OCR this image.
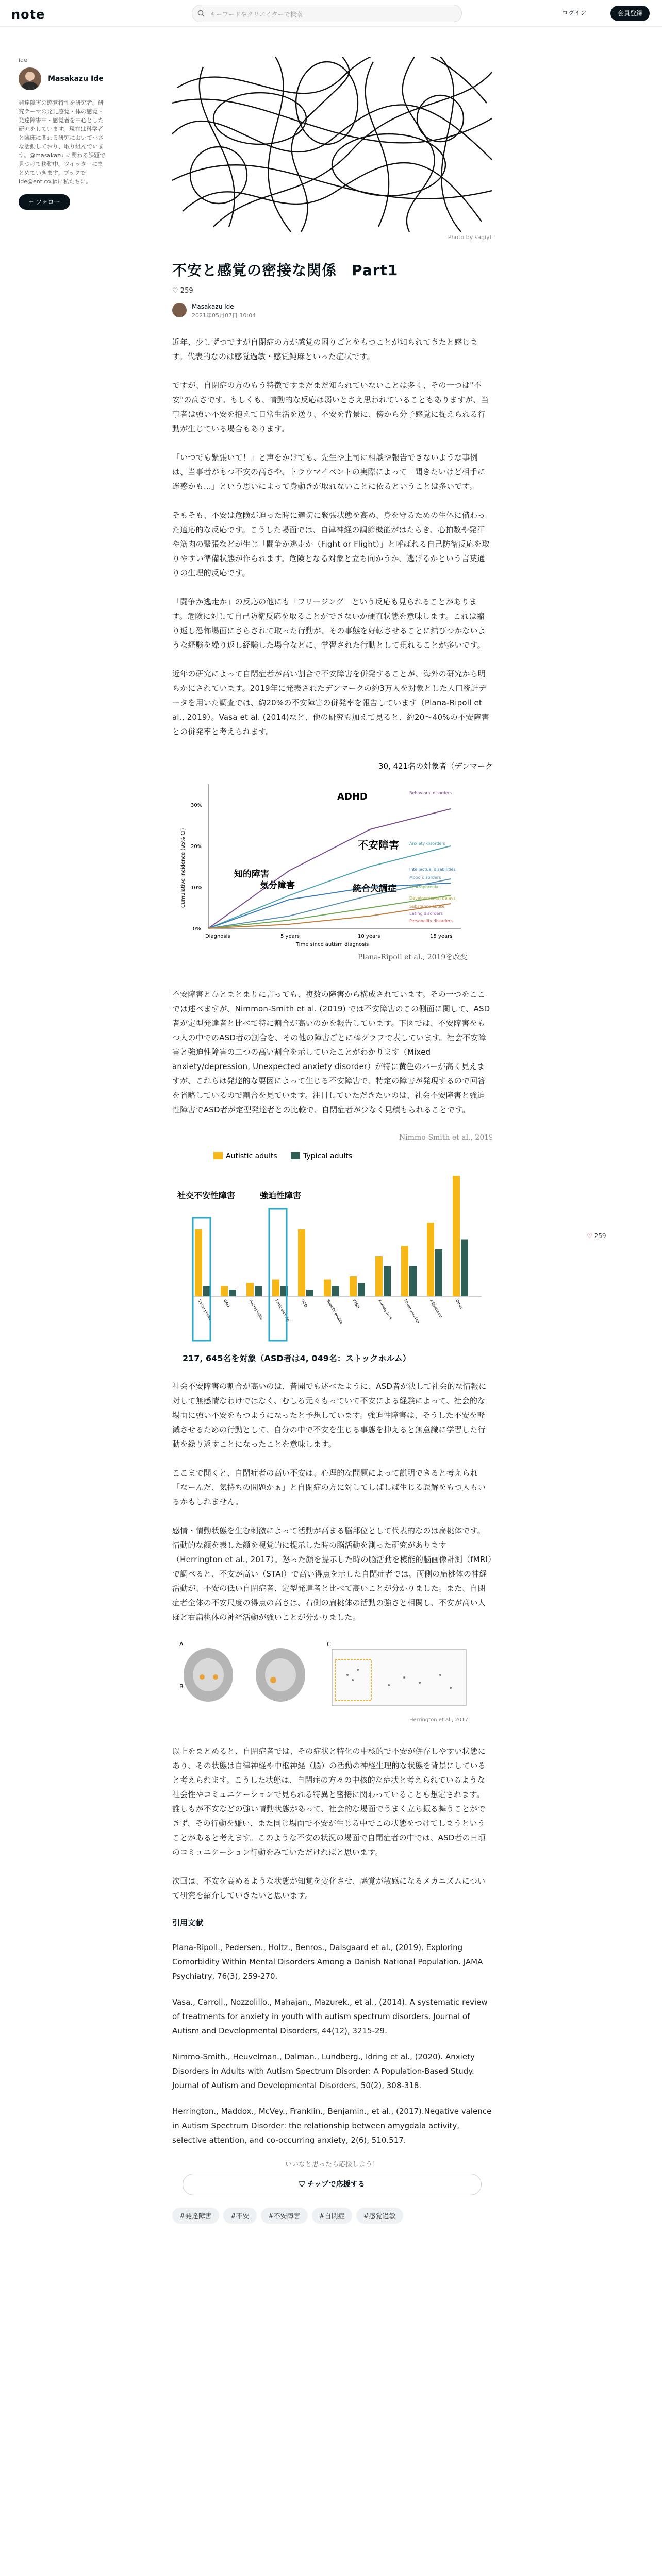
note	キーワードやクリエイターで検索	ログイン	会員登録
ide
Masakazu Ide
発達障害の感覚特性を研究者。研究テーマの発見感覚・体の感覚・発達障害中・感覚者を中心とした研究をしています。現在は科学者と臨床に関わる研究において小さな活動しており、取り組んでいます。@masakazu に関わる課題で見つけて移動中。ツイッターにまとめていきます。ブックでIde@ent.co.jpに私たちに。
+ フォロー
♡ 259
Photo by sagiyt
不安と感覚の密接な関係　Part1
♡ 259
Masakazu Ide
2021年05月07日 10:04

近年、少しずつですが自閉症の方が感覚の困りごとをもつことが知られてきたと感じます。代表的なのは感覚過敏・感覚鈍麻といった症状です。

ですが、自閉症の方のもう特徴ですまだまだ知られていないことは多く、その一つは"不安"の高さです。もしくも、情動的な反応は弱いとさえ思われていることもありますが、当事者は強い不安を抱えて日常生活を送り、不安を背景に、傍から分子感覚に捉えられる行動が生じている場合もあります。

「いつでも緊張いて！」と声をかけても、先生や上司に相談や報告できないような事例は、当事者がもつ不安の高さや、トラウマイベントの実際によって「聞きたいけど相手に迷惑かも…」という思いによって身動きが取れないことに依るということは多いです。

そもそも、不安は危険が迫った時に適切に緊張状態を高め、身を守るための生体に備わった適応的な反応です。こうした場面では、自律神経の調節機能がはたらき、心拍数や発汗や筋肉の緊張などが生じ「闘争か逃走か（Fight or Flight）」と呼ばれる自己防衛反応を取りやすい準備状態が作られます。危険となる対象と立ち向かうか、逃げるかという言葉通りの生理的反応です。

「闘争か逃走か」の反応の他にも「フリージング」という反応も見られることがあります。危険に対して自己防衛反応を取ることができないか硬直状態を意味します。これは縮り返し恐怖場面にさらされて取った行動が、その事態を好転させることに結びつかないような経験を繰り返し経験した場合などに、学習された行動として現れることが多いです。

近年の研究によって自閉症者が高い割合で不安障害を併発することが、海外の研究から明らかにされています。2019年に発表されたデンマークの約3万人を対象とした人口統計データを用いた調査では、約20%の不安障害の併発率を報告しています（Plana-Ripoll et al., 2019）。Vasa et al. (2014)など、他の研究も加えて見ると、約20〜40%の不安障害との併発率と考えられます。

30, 421名の対象者（デンマーク）
0%
10%
20%
30%
Diagnosis	5 years	10 years	15 years
Time since autism diagnosis
Cumulative incidence (95% CI)
ADHD
不安障害
知的障害
気分障害	統合失調症
Behavioral disorders
Anxiety disorders
Intellectual disabilities
Mood disorders
Schizophrenia
Developmental delays
Substance abuse
Eating disorders
Personality disorders
Plana-Ripoll et al., 2019を改変

不安障害とひとまとまりに言っても、複数の障害から構成されています。その一つをここでは述べますが、Nimmon-Smith et al. (2019) では不安障害のこの側面に関して、ASD者が定型発達者と比べて特に割合が高いのかを報告しています。下図では、不安障害をもつ人の中でのASD者の割合を、その他の障害ごとに棒グラフで表しています。社会不安障害と強迫性障害の二つの高い割合を示していたことがわかります（Mixed anxiety/depression, Unexpected anxiety disorder）が特に黄色のバーが高く見えますが、これらは発達的な要因によって生じる不安障害で、特定の障害が発現するので回答を省略しているので割合を見ています。注目していただきたいのは、社会不安障害と強迫性障害でASD者が定型発達者との比較で、自閉症者が少なく見積もられることです。

Nimmo-Smith et al., 2019
Autistic adults	Typical adults
社交不安性障害	強迫性障害
Social phobia	GAD	Agoraphobia	Panic disorder	OCD	Specific phobia PTSD	Anxiety NOS	Mixed anx/dep Adjustment	Other
217, 645名を対象（ASD者は4, 049名：ストックホルム）

社会不安障害の割合が高いのは、昔聞でも述べたように、ASD者が決して社会的な情報に対して無感情なわけではなく、むしろ元々もっていて不安による経験によって、社会的な場面に強い不安をもつようになったと予想しています。強迫性障害は、そうした不安を軽減させるための行動として、自分の中で不安を生じる事態を抑えると無意識に学習した行動を繰り返すことになったことを意味します。

ここまで聞くと、自閉症者の高い不安は、心理的な問題によって説明できると考えられ「なーんだ、気持ちの問題かぁ」と自閉症の方に対してしばしば生じる誤解をもつ人もいるかもしれません。

感情・情動状態を生む刺激によって活動が高まる脳部位として代表的なのは扁桃体です。情動的な顔を表した顔を視覚的に提示した時の脳活動を測った研究があります（Herrington et al., 2017）。怒った顔を提示した時の脳活動を機能的脳画像計測（fMRI）で調べると、不安が高い（STAI）で高い得点を示した自閉症者では、両側の扁桃体の神経活動が、不安の低い自閉症者、定型発達者と比べて高いことが分かりました。また、自閉症者全体の不安尺度の得点の高さは、右側の扁桃体の活動の強さと相関し、不安が高い人ほど右扁桃体の神経活動が強いことが分かりました。

A
B
C
Herrington et al., 2017

以上をまとめると、自閉症者では、その症状と特化の中核的で不安が併存しやすい状態にあり、その状態は自律神経や中枢神経（脳）の活動の神経生理的な状態を背景にしていると考えられます。こうした状態は、自閉症の方々の中核的な症状と考えられているような社会性やコミュニケーションで見られる特異と密接に関わっていることも想定されます。誰しもが不安などの強い情動状態があって、社会的な場面でうまく立ち振る舞うことができず、その行動を嫌い、また同じ場面で不安が生じる中でこの状態をつけてしまうということがあると考えます。このような不安の状況の場面で自閉症者の中では、ASD者の日頃のコミュニケーション行動をみていただければと思います。

次回は、不安を高めるような状態が知覚を変化させ、感覚が敏感になるメカニズムについて研究を紹介していきたいと思います。

引用文献
Plana-Ripoll., Pedersen., Holtz., Benros., Dalsgaard et al., (2019). Exploring Comorbidity Within Mental Disorders Among a Danish National Population. JAMA Psychiatry, 76(3), 259-270.
Vasa., Carroll., Nozzolillo., Mahajan., Mazurek., et al., (2014). A systematic review of treatments for anxiety in youth with autism spectrum disorders. Journal of Autism and Developmental Disorders, 44(12), 3215-29.
Nimmo-Smith., Heuvelman., Dalman., Lundberg., Idring et al., (2020). Anxiety Disorders in Adults with Autism Spectrum Disorder: A Population-Based Study. Journal of Autism and Developmental Disorders, 50(2), 308-318.
Herrington., Maddox., McVey., Franklin., Benjamin., et al., (2017).Negative valence in Autism Spectrum Disorder: the relationship between amygdala activity, selective attention, and co-occurring anxiety, 2(6), 510.517.
いいなと思ったら応援しよう！
⛉ チップで応援する
#発達障害	#不安	#不安障害	#自閉症	#感覚過敏
